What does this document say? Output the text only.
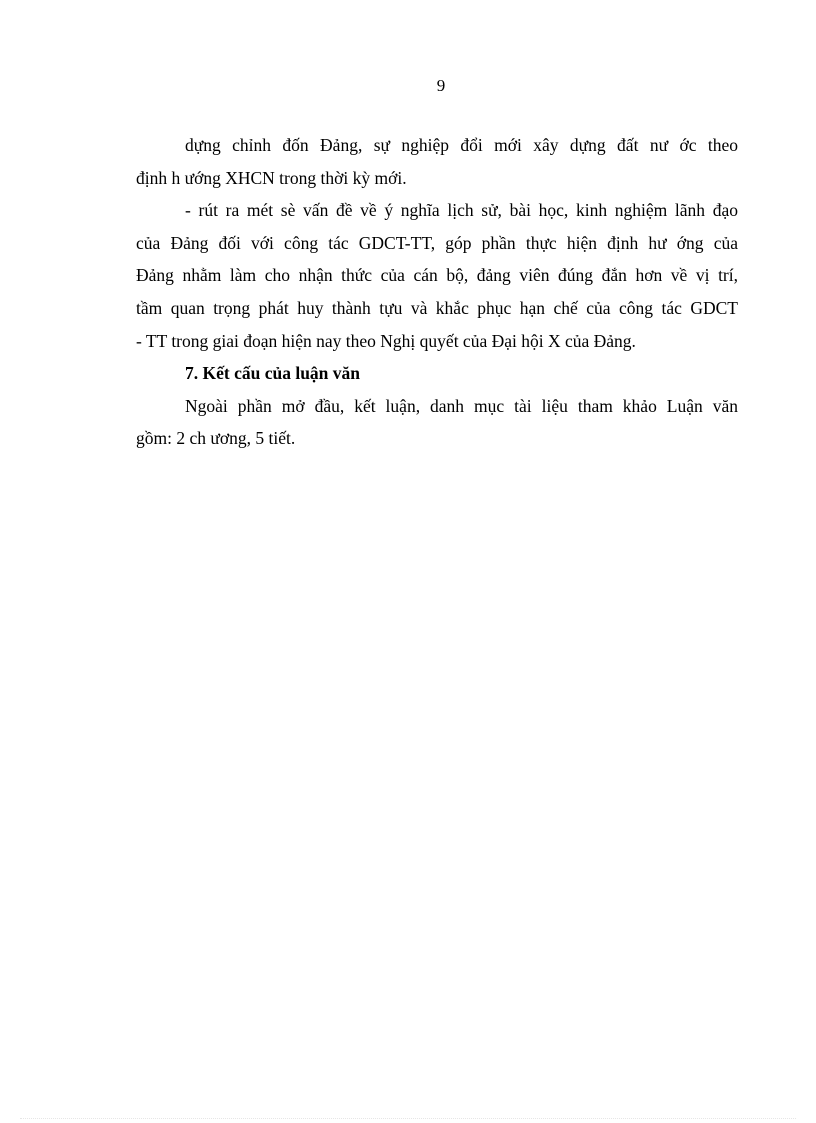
9
dựng chỉnh đốn Đảng, sự nghiệp đổi mới xây dựng đất nư ớc theo
định h ướng XHCN trong thời kỳ mới.
- rút ra mét sè vấn đề về ý nghĩa lịch sử, bài học, kinh nghiệm lãnh đạo
của Đảng đối với công tác GDCT-TT, góp phần thực hiện định hư ớng của
Đảng nhằm làm cho nhận thức của cán bộ, đảng viên đúng đắn hơn về vị trí,
tầm quan trọng phát huy thành tựu và khắc phục hạn chế của công tác GDCT
- TT trong giai đoạn hiện nay theo Nghị quyết của Đại hội X của Đảng.
7. Kết cấu của luận văn
Ngoài phần mở đầu, kết luận, danh mục tài liệu tham khảo Luận văn
gồm: 2 ch ương, 5 tiết.
